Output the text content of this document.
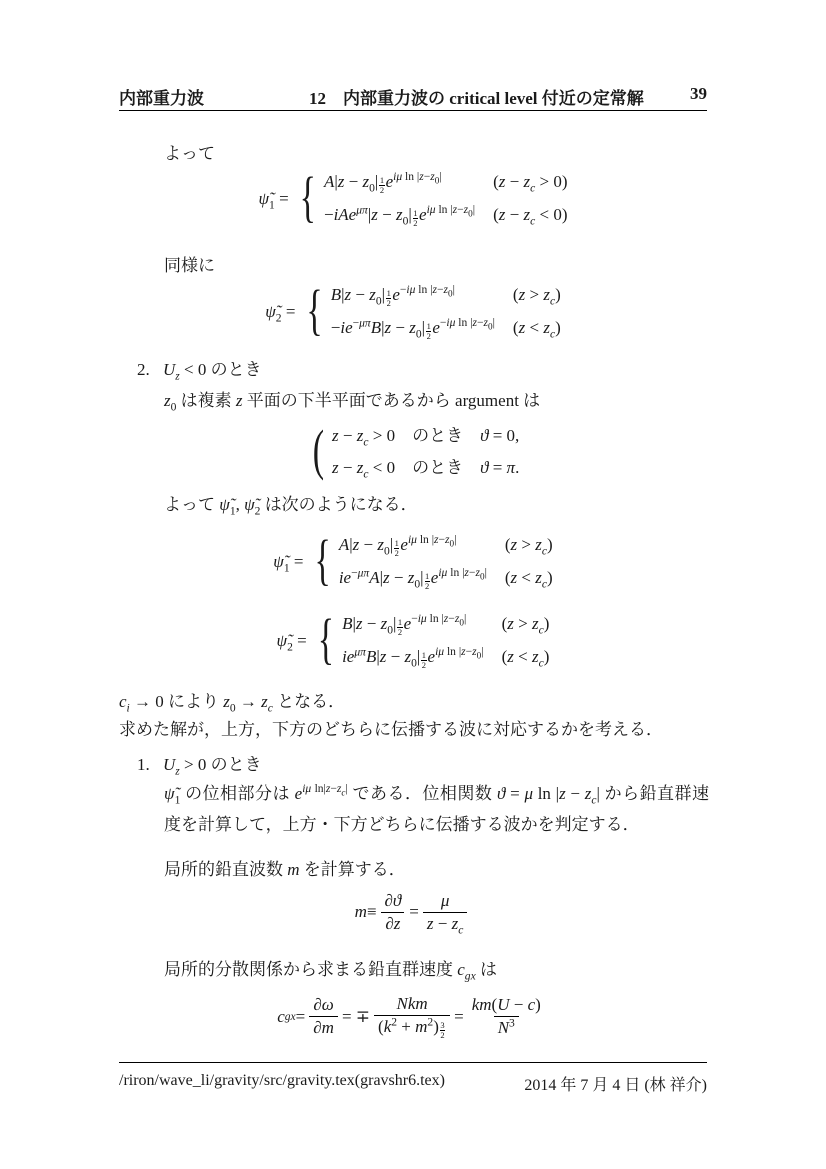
内部重力波	12　内部重力波の critical level 付近の定常解	39
よって
$\psĩ_1$ = { $A|z - z_0| \frac{1}{2} e^{i\mu ln |z-z_0|}$	$(z - z_c > 0)$
$-iAe^{\mu\pi}|z - z_0| \frac{1}{2} e^{i\mu ln |z-z_0|}$ $(z - z_c < 0)$
同様に
$\psĩ_2$ = { $B|z - z_0| \frac{1}{2} e^{-i\mu ln |z-z_0|}$	$(z > z_c)$
$-ie^{-\mu\pi}B|z - z_0| \frac{1}{2} e^{-i\mu ln |z-z_0|}$ $(z < z_c)$
2. $U_z < 0$ のとき
$z_0$ は複素 z 平面の下半平面であるから argument は
( $z - z_c > 0$　のとき　ϑ = 0,
$z - z_c < 0$　のとき　ϑ = π.
よって $\psĩ_1$, $\psĩ_2$ は次のようになる．
$\psĩ_1$ = { $A|z - z_0| \frac{1}{2} e^{i\mu ln |z-z_0|}$	$(z > z_c)$
$ie^{-\mu\pi}A|z - z_0| \frac{1}{2} e^{i\mu ln |z-z_0|}$ $(z < z_c)$
$\psĩ_2$ = { $B|z - z_0| \frac{1}{2} e^{-i\mu ln |z-z_0|}$	$(z > z_c)$
$ie^{\mu\pi}B|z - z_0| \frac{1}{2} e^{i\mu ln |z-z_0|}$ $(z < z_c)$
$c_i \to 0$ により $z_0 \to z_c$ となる．
求めた解が，上方，下方のどちらに伝播する波に対応するかを考える．
1. $U_z > 0$ のとき
$\psĩ_1$ の位相部分は $e^{i\mu ln|z-z_c|}$ である．位相関数 ϑ = μ $\ln |z - z_c|$ から鉛直群速度を計算して，上方・下方どちらに伝播する波かを判定する．
局所的鉛直波数 m を計算する．
$m \equiv \frac{\partial ϑ}{\partial z} = \frac{\mu}{z - z_c}$
局所的分散関係から求まる鉛直群速度 $c_{gx}$ は
c gx = $\frac{\partial\omega}{\partial m}$ = ∓ $\frac{\text{Nkm}}{(k^2 + m^2) \frac{3}{2}} = \frac{km(U - c)}{N^3}$
/riron/wave_li/gravity/src/gravity.tex(gravshr6.tex)	2014 年 7 月 4 日 (林 祥介)
